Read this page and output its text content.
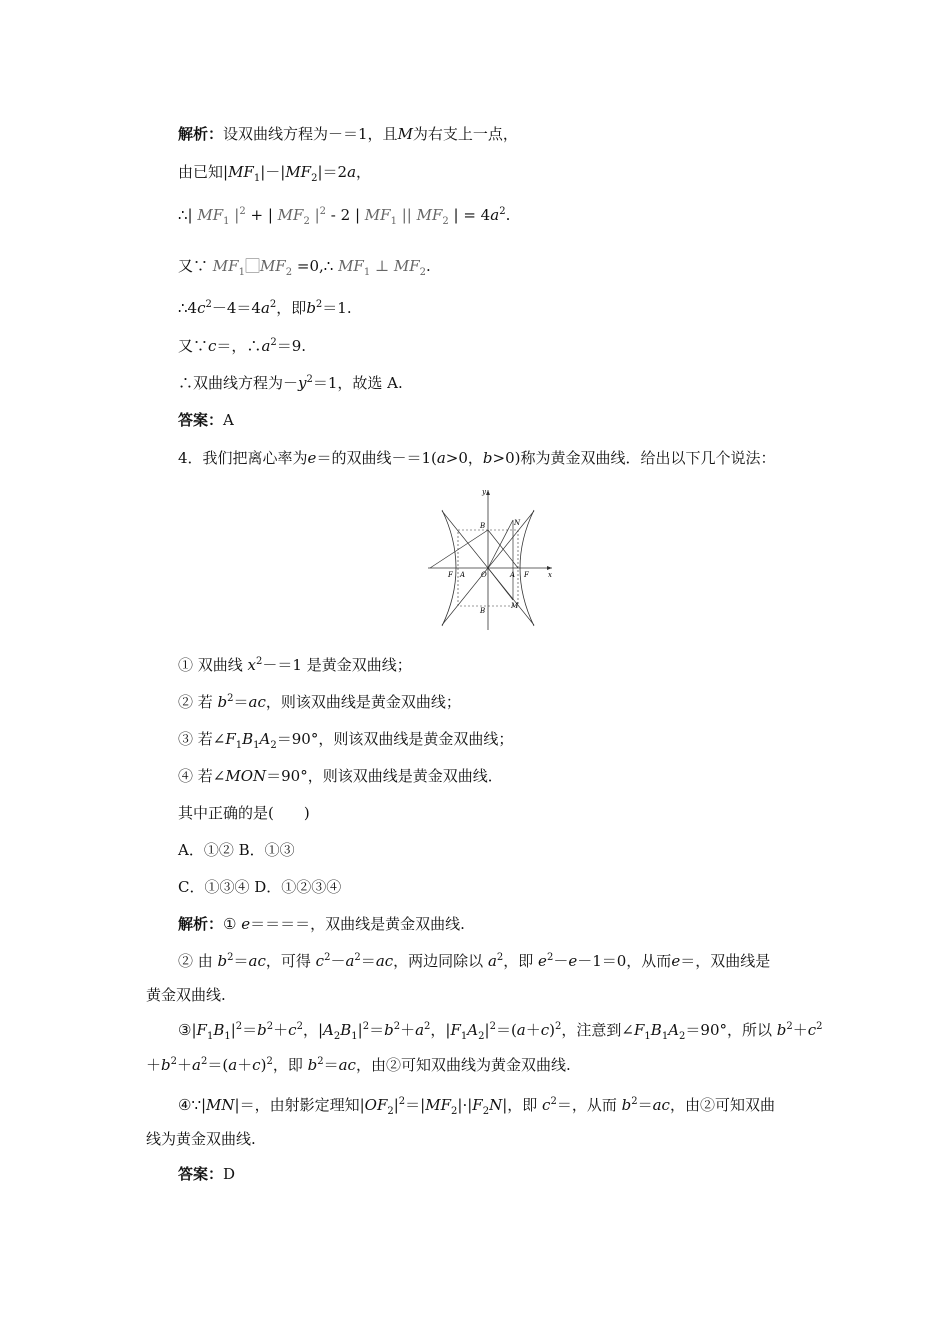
解析：设双曲线方程为－＝1，且M为右支上一点，
由已知$|MF_1|-|MF_2|=2a$，
∴| $MF_1$ $|^2$ + | $MF_2$ $|^2 - 2$ | $MF_1$ || $MF_2$ | = $4a^2$.
又∵ $MF_1⃞MF_2$ =0,∴ $MF_1$ ⊥ $MF_2$.
$\therefore 4c^2-4=4a^2$，即$b^2=1$.
又∵c＝，$\therefore a^2=9$.
∴双曲线方程为$-y^2=1$，故选 A.
答案：A
4．我们把离心率为e＝的双曲线－＝1(a>0，b>0)称为黄金双曲线．给出以下几个说法：
y
x
F A O	A F
B
B
N
M
① 双曲线 $x^2-=1$ 是黄金双曲线；
② 若 $b^2=ac$，则该双曲线是黄金双曲线；
③ 若$\angle F_1B_1A_2=90^\circ$，则该双曲线是黄金双曲线；
④ 若∠MON＝90°，则该双曲线是黄金双曲线．
其中正确的是(　　)
A．①② B．①③
C．①③④ D．①②③④
解析：① e＝＝＝＝，双曲线是黄金双曲线.
② 由 $b^2=ac$，可得 $c^2-a^2=ac$，两边同除以 $a^2$，即 $e^2-e-1=0$，从而e＝，双曲线是
黄金双曲线.
$③|F_1B_1|^2=b^2+c^2$，$|A_2B_1|^2=b^2+a^2$，$|F_1A_2|^2=(a+c)^2$，注意到$\angle F_1B_1A_2=90^\circ$，所以 $b^2+c^2$
$+b^2+a^2=(a+c)^2$，即 $b^2=ac$，由②可知双曲线为黄金双曲线.
④∵|MN|＝，由射影定理知$|OF_2|^2=|MF_2|\cdot|F_2N|$，即 $c^2=$，从而 $b^2=ac$，由②可知双曲
线为黄金双曲线.
答案：D
